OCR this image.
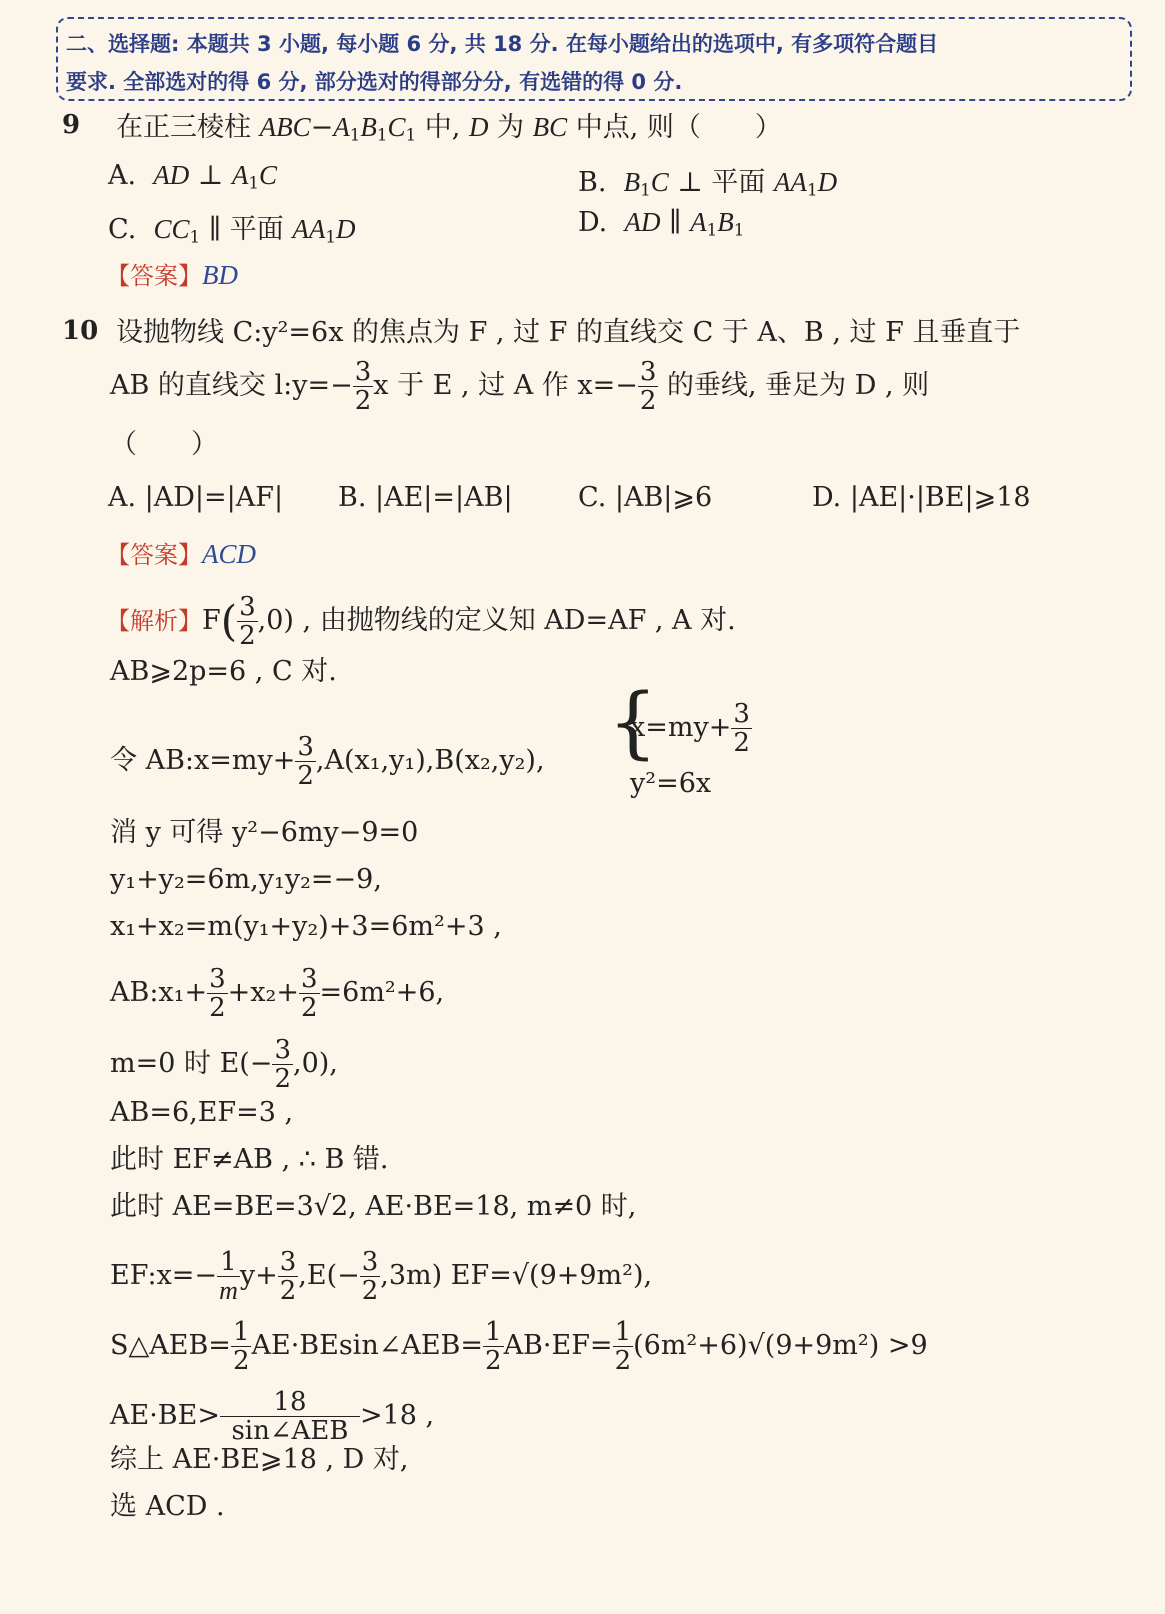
二、选择题: 本题共 3 小题, 每小题 6 分, 共 18 分. 在每小题给出的选项中, 有多项符合题目
要求. 全部选对的得 6 分, 部分选对的得部分分, 有选错的得 0 分.
9 在正三棱柱 $ABC-A_1B_1C_1$ 中, D 为 BC 中点, 则（　　）
A. AD ⊥ $A_1C$	B. $B_1C$ ⊥ 平面 $AA_1D$
C. $CC_1$ ∥ 平面 $AA_1D$	D. AD ∥ $A_1B_1$
【答案】BD
10 设抛物线 C:y²=6x 的焦点为 F , 过 F 的直线交 C 于 A、B , 过 F 且垂直于
AB 的直线交 l:y=− $\frac{3}{2}$ x 于 E , 过 A 作 $x=- \frac{3}{2}$ 的垂线, 垂足为 D , 则
（　　）
A. |AD|=|AF| B. |AE|=|AB| C. |AB|⩾6	D. |AE|·|BE|⩾18
【答案】ACD
【解析】$F( \frac{3}{2} ,0)$ , 由抛物线的定义知 AD=AF , A 对.
AB⩾2p=6 , C 对.
令 AB:x=my+ $\frac{3}{2} ,A(x_1,y_1),B(x_2,y_2)$, {
$x=my+ \frac{3}{2}$
y²=6x
消 y 可得 y²−6my−9=0
y₁+y₂=6m,y₁y₂=−9,
x₁+x₂=m(y₁+y₂)+3=6m²+3 ,
AB:x₁+ $\frac{3}{2} +x_2+ \frac{3}{2} =6m^2+6$,
m=0 时 $E(- \frac{3}{2} ,0)$,
AB=6,EF=3 ,
此时 EF≠AB , ∴ B 错.
此时 AE=BE=3√2, AE·BE=18, m≠0 时,
EF:x=− $\frac{1}{m} y+ \frac{3}{2} ,E(- \frac{3}{2} ,3m)$ EF=√(9+9m²),
S△AEB= $\frac{1}{2}$ AE·BEsin∠AEB= $\frac{1}{2} AB\cdot EF= \frac{1}{2} (6m^2+6)√(9+9m^2) >9$
$AE\cdot BE> \frac{18}{\text{sin∠AEB}} >18$ ,
综上 AE·BE⩾18 , D 对,
选 ACD .
